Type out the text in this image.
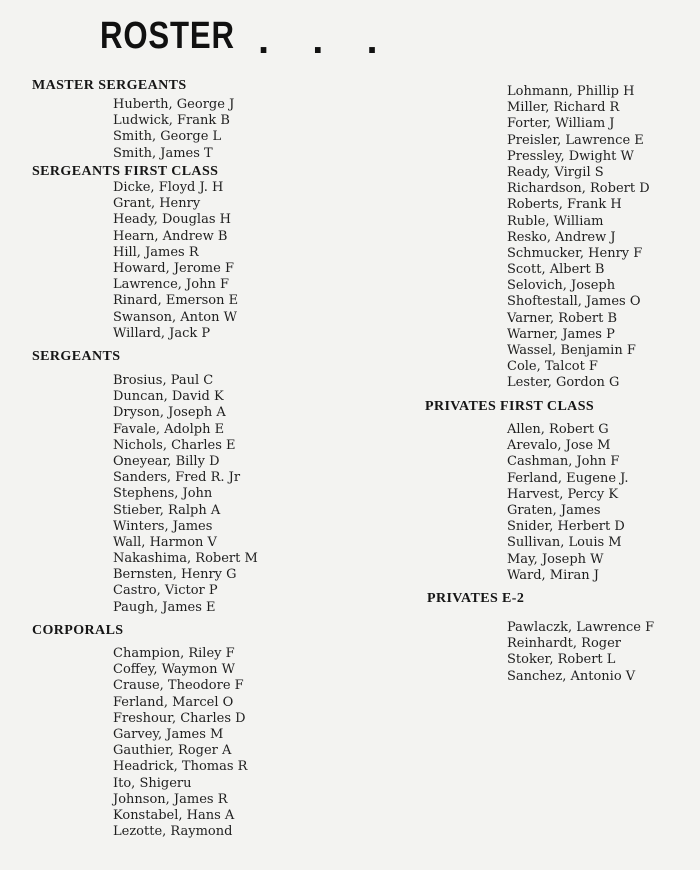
ROSTER . . .
MASTER SERGEANTS
Huberth, George J
Ludwick, Frank B
Smith, George L
Smith, James T
SERGEANTS FIRST CLASS
Dicke, Floyd J. H
Grant, Henry
Heady, Douglas H
Hearn, Andrew B
Hill, James R
Howard, Jerome F
Lawrence, John F
Rinard, Emerson E
Swanson, Anton W
Willard, Jack P
SERGEANTS
Brosius, Paul C
Duncan, David K
Dryson, Joseph A
Favale, Adolph E
Nichols, Charles E
Oneyear, Billy D
Sanders, Fred R. Jr
Stephens, John
Stieber, Ralph A
Winters, James
Wall, Harmon V
Nakashima, Robert M
Bernsten, Henry G
Castro, Victor P
Paugh, James E
CORPORALS
Champion, Riley F
Coffey, Waymon W
Crause, Theodore F
Ferland, Marcel O
Freshour, Charles D
Garvey, James M
Gauthier, Roger A
Headrick, Thomas R
Ito, Shigeru
Johnson, James R
Konstabel, Hans A
Lezotte, Raymond
Lohmann, Phillip H
Miller, Richard R
Forter, William J
Preisler, Lawrence E
Pressley, Dwight W
Ready, Virgil S
Richardson, Robert D
Roberts, Frank H
Ruble, William
Resko, Andrew J
Schmucker, Henry F
Scott, Albert B
Selovich, Joseph
Shoftestall, James O
Varner, Robert B
Warner, James P
Wassel, Benjamin F
Cole, Talcot F
Lester, Gordon G
PRIVATES FIRST CLASS
Allen, Robert G
Arevalo, Jose M
Cashman, John F
Ferland, Eugene J.
Harvest, Percy K
Graten, James
Snider, Herbert D
Sullivan, Louis M
May, Joseph W
Ward, Miran J
PRIVATES E-2
Pawlaczk, Lawrence F
Reinhardt, Roger
Stoker, Robert L
Sanchez, Antonio V
